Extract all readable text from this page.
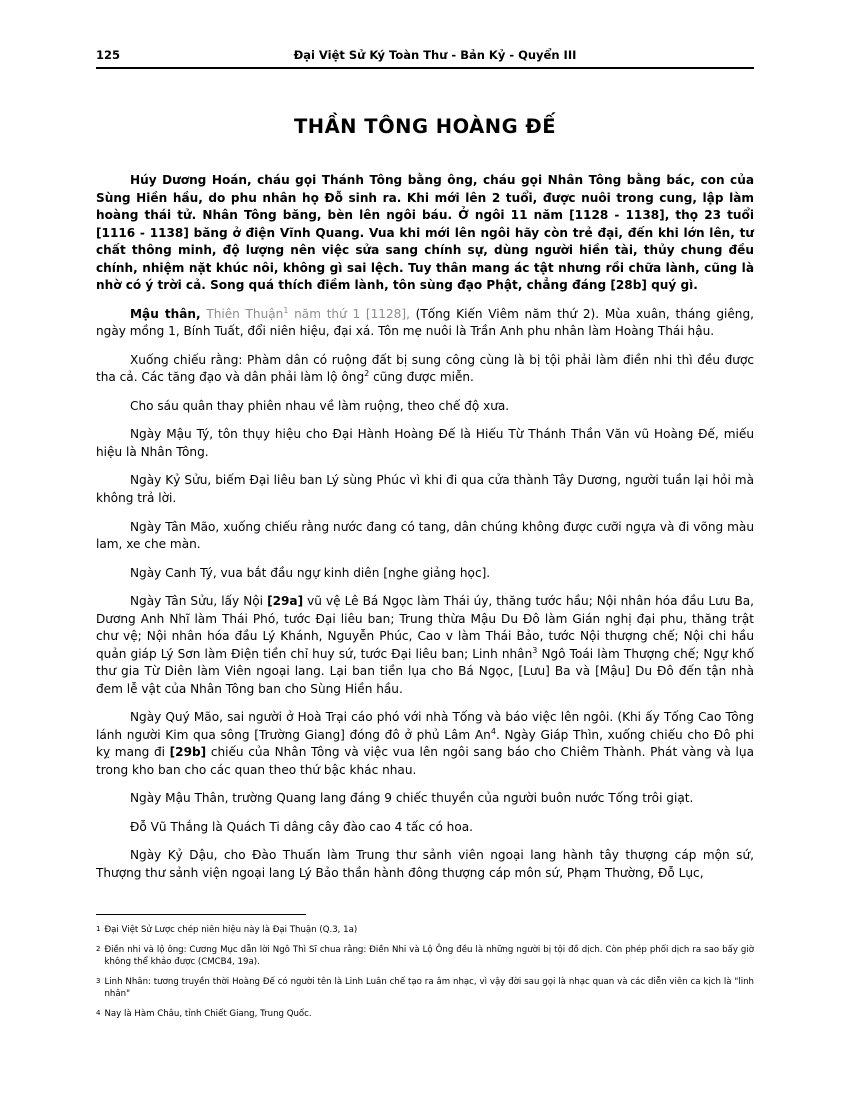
125	Đại Việt Sử Ký Toàn Thư - Bản Kỷ - Quyển III
THẦN TÔNG HOÀNG ĐẾ

Húy Dương Hoán, cháu gọi Thánh Tông bằng ông, cháu gọi Nhân Tông bằng bác, con của Sùng Hiền hầu, do phu nhân họ Đỗ sinh ra. Khi mới lên 2 tuổi, được nuôi trong cung, lập làm hoàng thái tử. Nhân Tông băng, bèn lên ngôi báu. Ở ngôi 11 năm [1128 - 1138], thọ 23 tuổi [1116 - 1138] băng ở điện Vĩnh Quang. Vua khi mới lên ngôi hãy còn trẻ đại, đến khi lớn lên, tư chất thông minh, độ lượng nên việc sửa sang chính sự, dùng người hiền tài, thủy chung đều chính, nhiệm nặt khúc nôi, không gì sai lệch. Tuy thân mang ác tật nhưng rồi chữa lành, cũng là nhờ có ý trời cả. Song quá thích điềm lành, tôn sùng đạo Phật, chẳng đáng [28b] quý gì.

Mậu thân, Thiên Thuận$^1$ năm thứ 1 [1128], (Tống Kiến Viêm năm thứ 2). Mùa xuân, tháng giêng, ngày mồng 1, Bính Tuất, đổi niên hiệu, đại xá. Tôn mẹ nuôi là Trần Anh phu nhân làm Hoàng Thái hậu.

Xuống chiếu rằng: Phàm dân có ruộng đất bị sung công cùng là bị tội phải làm điền nhi thì đều được tha cả. Các tăng đạo và dân phải làm lộ ông$^2$ cũng được miễn.

Cho sáu quân thay phiên nhau về làm ruộng, theo chế độ xưa.

Ngày Mậu Tý, tôn thụy hiệu cho Đại Hành Hoàng Đế là Hiếu Từ Thánh Thần Văn vũ Hoàng Đế, miếu hiệu là Nhân Tông.

Ngày Kỷ Sửu, biếm Đại liêu ban Lý sùng Phúc vì khi đi qua cửa thành Tây Dương, người tuần lại hỏi mà không trả lời.

Ngày Tân Mão, xuống chiếu rằng nước đang có tang, dân chúng không được cưỡi ngựa và đi võng màu lam, xe che màn.

Ngày Canh Tý, vua bắt đầu ngự kinh diên [nghe giảng học].

Ngày Tân Sửu, lấy Nội [29a] vũ vệ Lê Bá Ngọc làm Thái úy, thăng tước hầu; Nội nhân hóa đầu Lưu Ba, Dương Anh Nhĩ làm Thái Phó, tước Đại liêu ban; Trung thừa Mậu Du Đô làm Gián nghị đại phu, thăng trật chư vệ; Nội nhân hóa đầu Lý Khánh, Nguyễn Phúc, Cao v làm Thái Bảo, tước Nội thượng chế; Nội chi hầu quản giáp Lý Sơn làm Điện tiền chỉ huy sứ, tước Đại liêu ban; Linh nhân$^3$ Ngô Toái làm Thượng chế; Ngự khố thư gia Từ Diên làm Viên ngoại lang. Lại ban tiền lụa cho Bá Ngọc, [Lưu] Ba và [Mậu] Du Đô đến tận nhà đem lễ vật của Nhân Tông ban cho Sùng Hiền hầu.

Ngày Quý Mão, sai người ở Hoà Trại cáo phó với nhà Tống và báo việc lên ngôi. (Khi ấy Tống Cao Tông lánh người Kim qua sông [Trường Giang] đóng đô ở phủ Lâm An$^4$. Ngày Giáp Thìn, xuống chiếu cho Đô phi kỵ mang đi [29b] chiếu của Nhân Tông và việc vua lên ngôi sang báo cho Chiêm Thành. Phát vàng và lụa trong kho ban cho các quan theo thứ bậc khác nhau.

Ngày Mậu Thân, trường Quang lang đáng 9 chiếc thuyền của người buôn nước Tống trôi giạt.

Đỗ Vũ Thắng là Quách Ti dâng cây đào cao 4 tấc có hoa.

Ngày Kỷ Dậu, cho Đào Thuấn làm Trung thư sảnh viên ngoại lang hành tây thượng cáp mộn sứ, Thượng thư sảnh viện ngoại lang Lý Bảo thần hành đông thượng cáp môn sứ, Phạm Thường, Đỗ Lục,

1 Đại Việt Sử Lược chép niên hiệu này là Đại Thuận (Q.3, 1a)
2 Điền nhi và lộ ông: Cương Mục dẫn lời Ngô Thì Sĩ chua rằng: Điền Nhi và Lộ Ông đều là những người bị tội đồ dịch. Còn phép phối dịch ra sao bấy giờ không thể khảo được (CMCB4, 19a).
3 Linh Nhân: tương truyền thời Hoàng Đế có người tên là Linh Luân chế tạo ra âm nhạc, vì vậy đời sau gọi là nhạc quan và các diễn viên ca kịch là "linh nhân"
4 Nay là Hàm Châu, tỉnh Chiết Giang, Trung Quốc.
